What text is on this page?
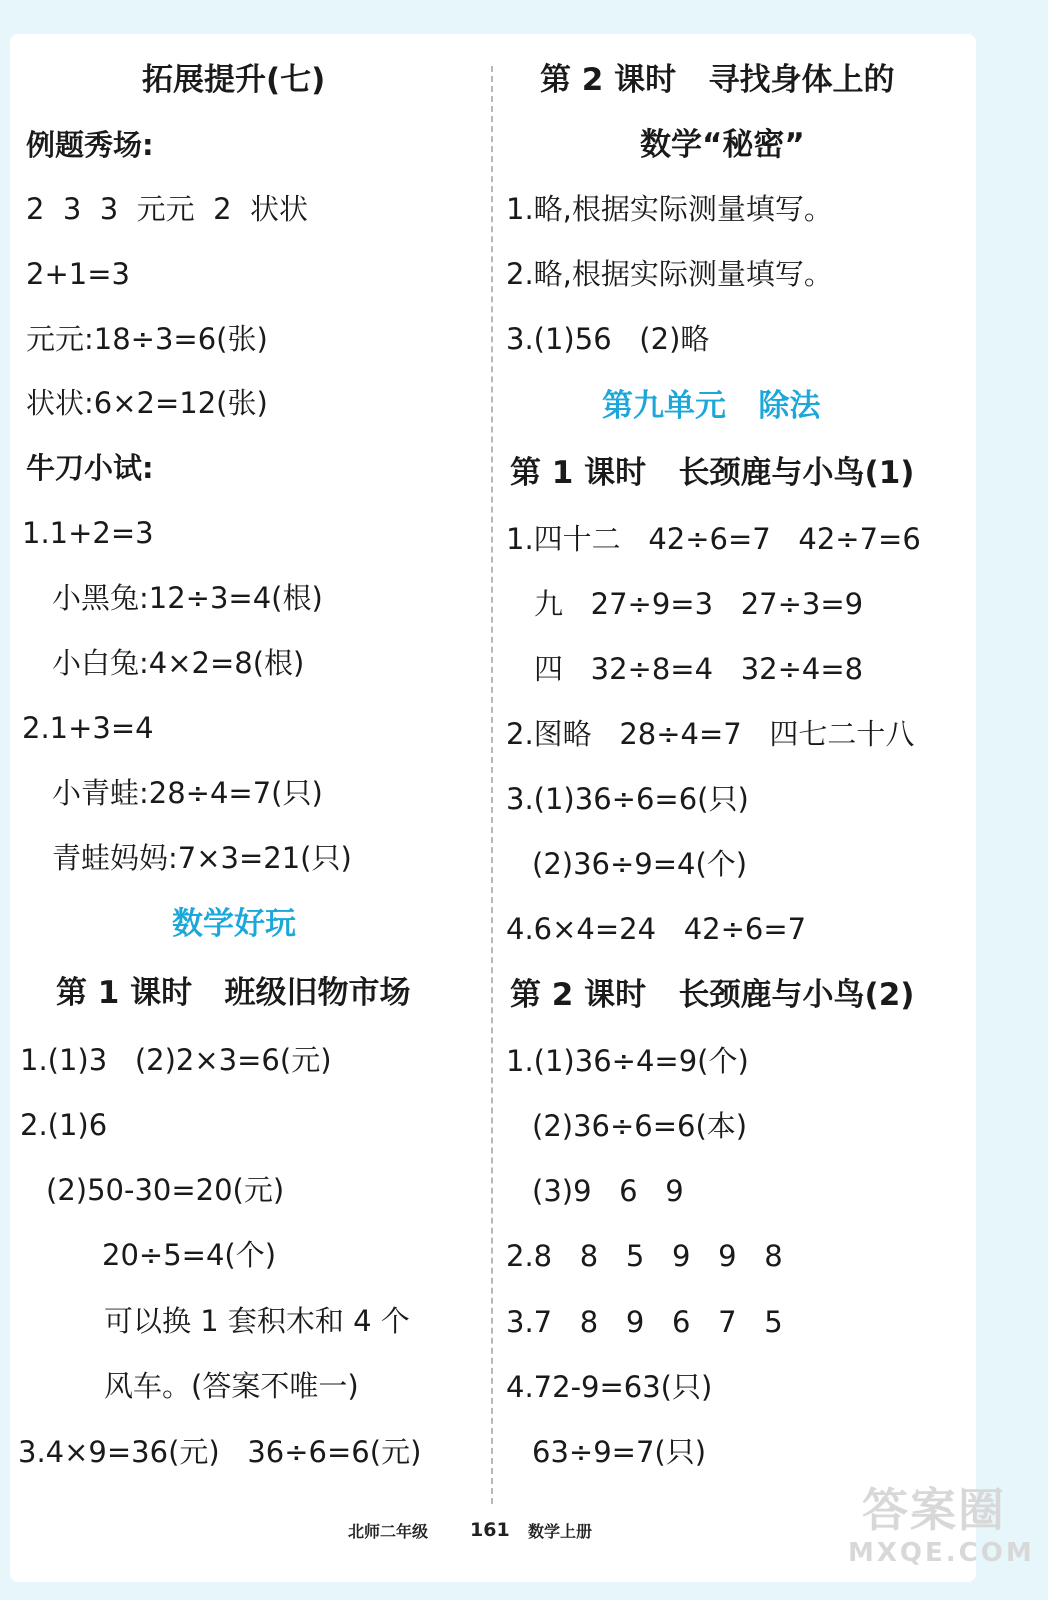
拓展提升(七)
例题秀场:
2  3  3  元元  2  状状
2+1=3
元元:18÷3=6(张)
状状:6×2=12(张)
牛刀小试:
1.1+2=3
小黑兔:12÷3=4(根)
小白兔:4×2=8(根)
2.1+3=4
小青蛙:28÷4=7(只)
青蛙妈妈:7×3=21(只)
数学好玩
第 1 课时   班级旧物市场
1.(1)3   (2)2×3=6(元)
2.(1)6
(2)50-30=20(元)
20÷5=4(个)
可以换 1 套积木和 4 个
风车。(答案不唯一)
3.4×9=36(元)   36÷6=6(元)
第 2 课时   寻找身体上的
数学“秘密”
1.略,根据实际测量填写。
2.略,根据实际测量填写。
3.(1)56   (2)略
第九单元   除法
第 1 课时   长颈鹿与小鸟(1)
1.四十二   42÷6=7   42÷7=6
九   27÷9=3   27÷3=9
四   32÷8=4   32÷4=8
2.图略   28÷4=7   四七二十八
3.(1)36÷6=6(只)
(2)36÷9=4(个)
4.6×4=24   42÷6=7
第 2 课时   长颈鹿与小鸟(2)
1.(1)36÷4=9(个)
(2)36÷6=6(本)
(3)9   6   9
2.8   8   5   9   9   8
3.7   8   9   6   7   5
4.72-9=63(只)
63÷9=7(只)
北师二年级 161 数学上册	答案圈
MXQE.COM
